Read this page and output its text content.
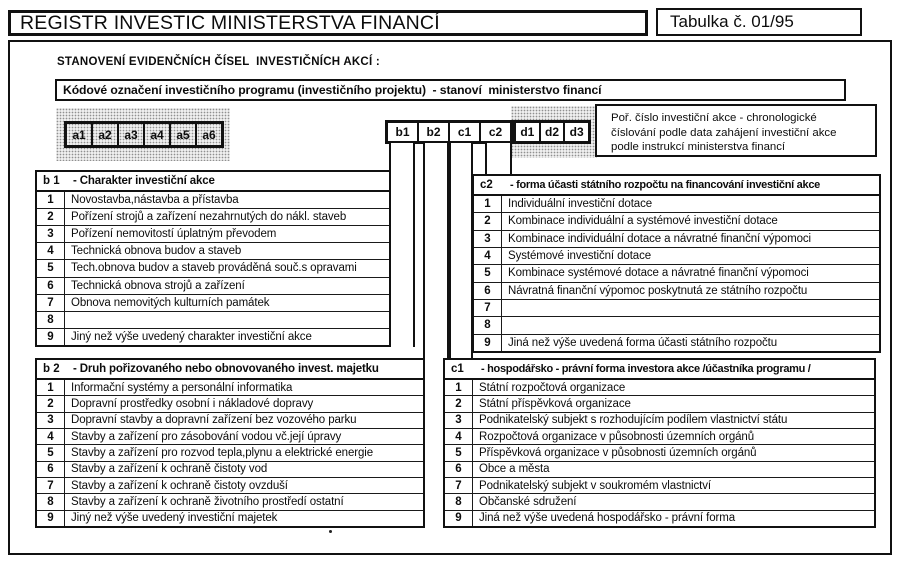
REGISTR INVESTIC MINISTERSTVA FINANCÍ	Tabulka č. 01/95
STANOVENÍ EVIDENČNÍCH ČÍSEL  INVESTIČNÍCH AKCÍ :
Kódové označení investičního programu (investičního projektu)  - stanoví  ministerstvo financí
a1	a2	a3	a4	a5	a6	b1	b2	c1	c2	d1 d2 d3
Poř. číslo investiční akce - chronologické
číslování podle data zahájení investiční akce
podle instrukcí ministerstva financí
b 1	- Charakter investiční akce
1	Novostavba,nástavba a přístavba
2	Pořízení strojů a zařízení nezahrnutých do nákl. staveb
3	Pořízení nemovitostí úplatným převodem
4	Technická obnova budov a staveb
5	Tech.obnova budov a staveb prováděná souč.s opravami
6	Technická obnova strojů a zařízení
7	Obnova nemovitých kulturních památek
8
9	Jiný než výše uvedený charakter investiční akce
c2	- forma účasti státního rozpočtu na financování investiční akce
1	Individuální investiční dotace
2	Kombinace individuální a systémové investiční dotace
3	Kombinace individuální dotace a návratné finanční výpomoci
4	Systémové investiční dotace
5	Kombinace systémové dotace a návratné finanční výpomoci
6	Návratná finanční výpomoc poskytnutá ze státního rozpočtu
7
8
9	Jiná než výše uvedená forma účasti státního rozpočtu
b 2	- Druh pořizovaného nebo obnovovaného invest. majetku
1	Informační systémy a personální informatika
2	Dopravní prostředky osobní i nákladové dopravy
3	Dopravní stavby a dopravní zařízení bez vozového parku
4	Stavby a zařízení pro zásobování vodou vč.její úpravy
5	Stavby a zařízení pro rozvod tepla,plynu a elektrické energie
6	Stavby a zařízení k ochraně čistoty vod
7	Stavby a zařízení k ochraně čistoty ovzduší
8	Stavby a zařízení k ochraně životního prostředí ostatní
9	Jiný než výše uvedený investiční majetek
c1	- hospodářsko - právní forma investora akce /účastníka programu /
1	Státní rozpočtová organizace
2	Státní příspěvková organizace
3	Podnikatelský subjekt s rozhodujícím podílem vlastnictví státu
4	Rozpočtová organizace v působnosti územních orgánů
5	Příspěvková organizace v působnosti územních orgánů
6	Obce a města
7	Podnikatelský subjekt v soukromém vlastnictví
8	Občanské sdružení
9	Jiná než výše uvedená hospodářsko - právní forma
